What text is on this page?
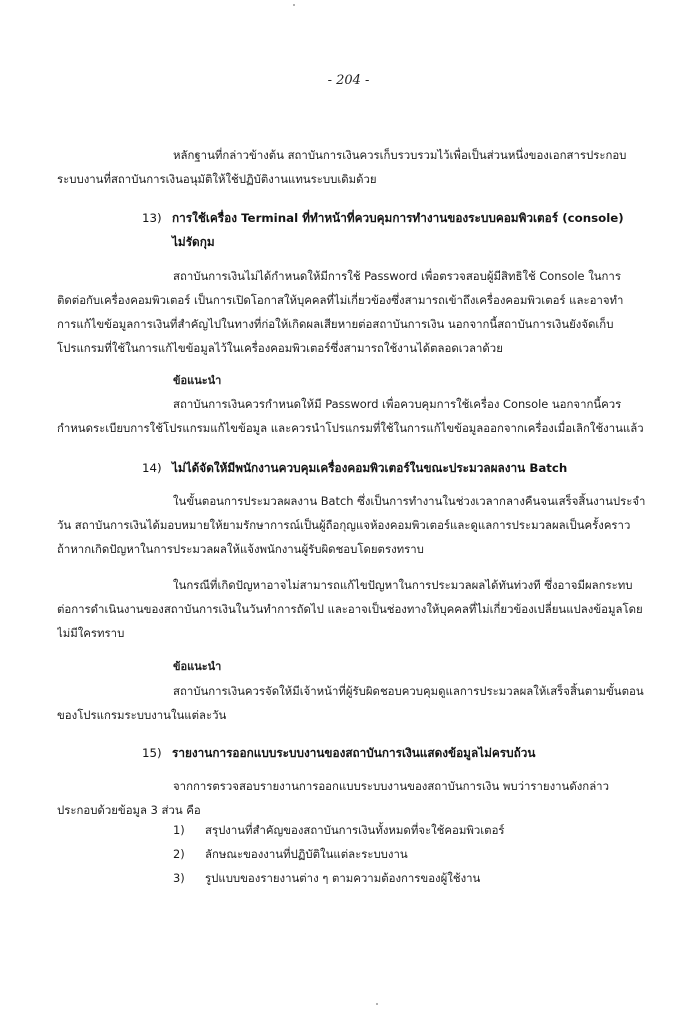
- 204 -
หลักฐานที่กล่าวข้างต้น สถาบันการเงินควรเก็บรวบรวมไว้เพื่อเป็นส่วนหนึ่งของเอกสารประกอบ
ระบบงานที่สถาบันการเงินอนุมัติให้ใช้ปฏิบัติงานแทนระบบเดิมด้วย
13) การใช้เครื่อง Terminal ที่ทำหน้าที่ควบคุมการทำงานของระบบคอมพิวเตอร์ (console)
ไม่รัดกุม
สถาบันการเงินไม่ได้กำหนดให้มีการใช้ Password เพื่อตรวจสอบผู้มีสิทธิใช้ Console ในการ
ติดต่อกับเครื่องคอมพิวเตอร์ เป็นการเปิดโอกาสให้บุคคลที่ไม่เกี่ยวข้องซึ่งสามารถเข้าถึงเครื่องคอมพิวเตอร์ และอาจทำ
การแก้ไขข้อมูลการเงินที่สำคัญไปในทางที่ก่อให้เกิดผลเสียหายต่อสถาบันการเงิน นอกจากนี้สถาบันการเงินยังจัดเก็บ
โปรแกรมที่ใช้ในการแก้ไขข้อมูลไว้ในเครื่องคอมพิวเตอร์ซึ่งสามารถใช้งานได้ตลอดเวลาด้วย
ข้อแนะนำ
สถาบันการเงินควรกำหนดให้มี Password เพื่อควบคุมการใช้เครื่อง Console นอกจากนี้ควร
กำหนดระเบียบการใช้โปรแกรมแก้ไขข้อมูล และควรนำโปรแกรมที่ใช้ในการแก้ไขข้อมูลออกจากเครื่องเมื่อเลิกใช้งานแล้ว
14) ไม่ได้จัดให้มีพนักงานควบคุมเครื่องคอมพิวเตอร์ในขณะประมวลผลงาน Batch
ในขั้นตอนการประมวลผลงาน Batch ซึ่งเป็นการทำงานในช่วงเวลากลางคืนจนเสร็จสิ้นงานประจำ
วัน สถาบันการเงินได้มอบหมายให้ยามรักษาการณ์เป็นผู้ถือกุญแจห้องคอมพิวเตอร์และดูแลการประมวลผลเป็นครั้งคราว
ถ้าหากเกิดปัญหาในการประมวลผลให้แจ้งพนักงานผู้รับผิดชอบโดยตรงทราบ
ในกรณีที่เกิดปัญหาอาจไม่สามารถแก้ไขปัญหาในการประมวลผลได้ทันท่วงที ซึ่งอาจมีผลกระทบ
ต่อการดำเนินงานของสถาบันการเงินในวันทำการถัดไป และอาจเป็นช่องทางให้บุคคลที่ไม่เกี่ยวข้องเปลี่ยนแปลงข้อมูลโดย
ไม่มีใครทราบ
ข้อแนะนำ
สถาบันการเงินควรจัดให้มีเจ้าหน้าที่ผู้รับผิดชอบควบคุมดูแลการประมวลผลให้เสร็จสิ้นตามขั้นตอน
ของโปรแกรมระบบงานในแต่ละวัน
15) รายงานการออกแบบระบบงานของสถาบันการเงินแสดงข้อมูลไม่ครบถ้วน
จากการตรวจสอบรายงานการออกแบบระบบงานของสถาบันการเงิน พบว่ารายงานดังกล่าว
ประกอบด้วยข้อมูล 3 ส่วน คือ
1) สรุปงานที่สำคัญของสถาบันการเงินทั้งหมดที่จะใช้คอมพิวเตอร์
2) ลักษณะของงานที่ปฏิบัติในแต่ละระบบงาน
3) รูปแบบของรายงานต่าง ๆ ตามความต้องการของผู้ใช้งาน
